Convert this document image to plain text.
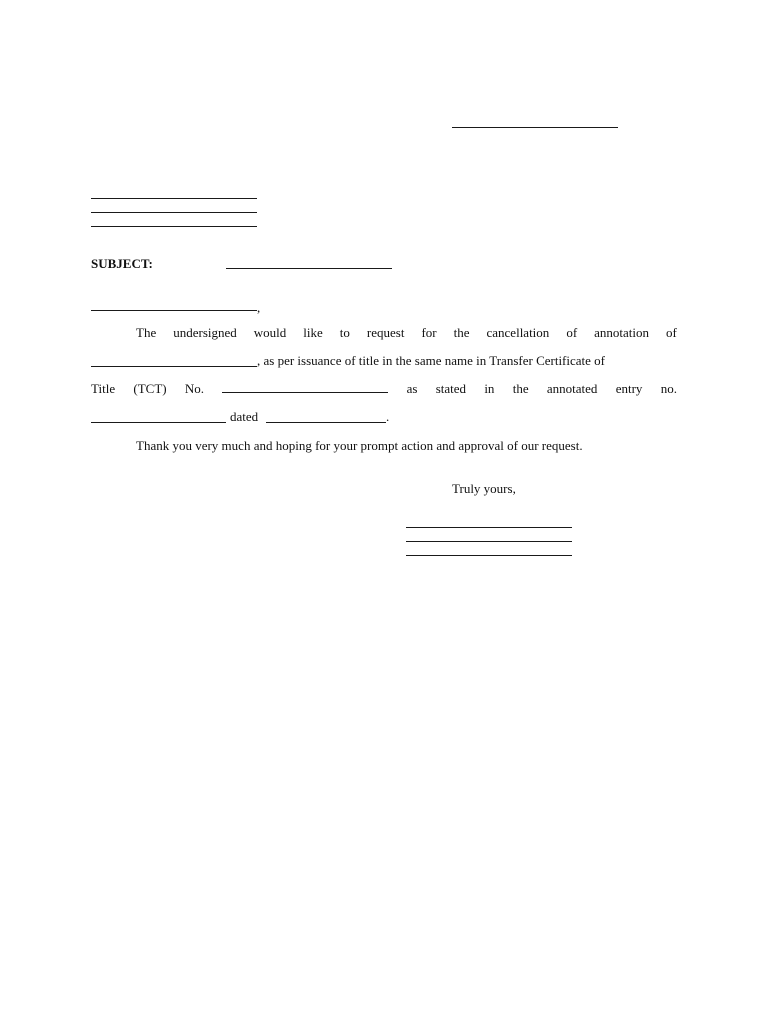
SUBJECT:
,
The undersigned would like to request for the cancellation of annotation of
, as per issuance of title in the same name in Transfer Certificate of
Title (TCT) No.	as stated in the annotated entry no.
dated	.
Thank you very much and hoping for your prompt action and approval of our request.
Truly yours,
